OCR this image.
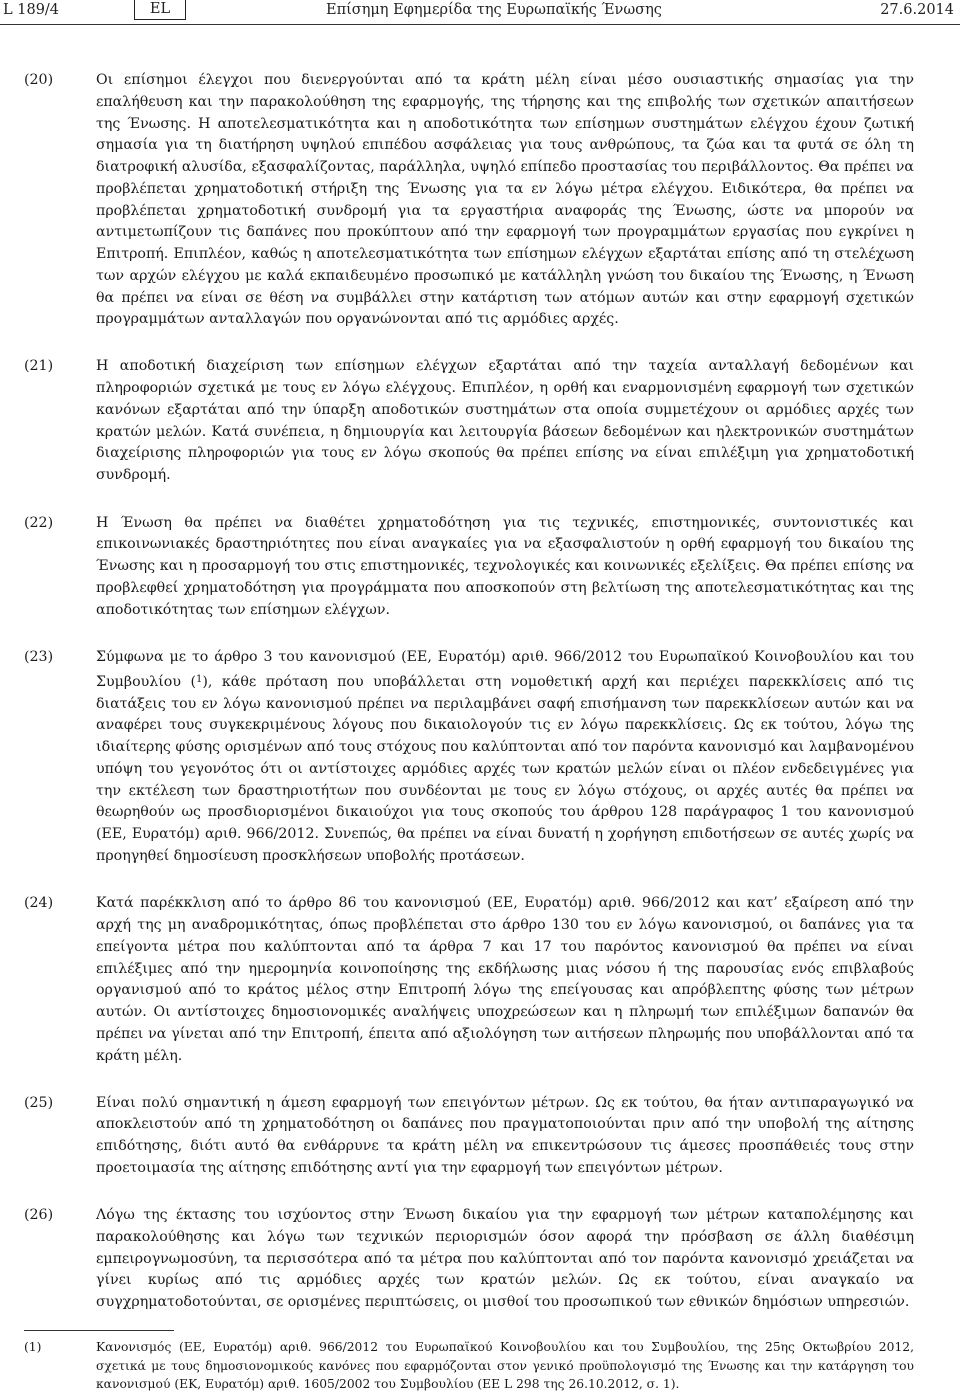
L 189/4	EL	Επίσημη Εφημερίδα της Ευρωπαϊκής Ένωσης	27.6.2014
(20)	Οι επίσημοι έλεγχοι που διενεργούνται από τα κράτη μέλη είναι μέσο ουσιαστικής σημασίας για την επαλήθευση και την παρακολούθηση της εφαρμογής, της τήρησης και της επιβολής των σχετικών απαιτήσεων της Ένωσης. Η αποτελεσματικότητα και η αποδοτικότητα των επίσημων συστημάτων ελέγχου έχουν ζωτική σημασία για τη διατήρηση υψηλού επιπέδου ασφάλειας για τους ανθρώπους, τα ζώα και τα φυτά σε όλη τη διατροφική αλυσίδα, εξασφαλίζοντας, παράλληλα, υψηλό επίπεδο προστασίας του περιβάλλοντος. Θα πρέπει να προβλέπεται χρηματοδοτική στήριξη της Ένωσης για τα εν λόγω μέτρα ελέγχου. Ειδικότερα, θα πρέπει να προβλέπεται χρηματοδοτική συνδρομή για τα εργαστήρια αναφοράς της Ένωσης, ώστε να μπορούν να αντιμετωπίζουν τις δαπάνες που προκύπτουν από την εφαρμογή των προγραμμάτων εργασίας που εγκρίνει η Επιτροπή. Επιπλέον, καθώς η αποτελεσματικότητα των επίσημων ελέγχων εξαρτάται επίσης από τη στελέχωση των αρχών ελέγχου με καλά εκπαιδευμένο προσωπικό με κατάλληλη γνώση του δικαίου της Ένωσης, η Ένωση θα πρέπει να είναι σε θέση να συμβάλλει στην κατάρτιση των ατόμων αυτών και στην εφαρμογή σχετικών προγραμμάτων ανταλλαγών που οργανώνονται από τις αρμόδιες αρχές.
(21)	Η αποδοτική διαχείριση των επίσημων ελέγχων εξαρτάται από την ταχεία ανταλλαγή δεδομένων και πληροφοριών σχετικά με τους εν λόγω ελέγχους. Επιπλέον, η ορθή και εναρμονισμένη εφαρμογή των σχετικών κανόνων εξαρτάται από την ύπαρξη αποδοτικών συστημάτων στα οποία συμμετέχουν οι αρμόδιες αρχές των κρατών μελών. Κατά συνέπεια, η δημιουργία και λειτουργία βάσεων δεδομένων και ηλεκτρονικών συστημάτων διαχείρισης πληροφοριών για τους εν λόγω σκοπούς θα πρέπει επίσης να είναι επιλέξιμη για χρηματοδοτική συνδρομή.
(22)	Η Ένωση θα πρέπει να διαθέτει χρηματοδότηση για τις τεχνικές, επιστημονικές, συντονιστικές και επικοινωνιακές δραστηριότητες που είναι αναγκαίες για να εξασφαλιστούν η ορθή εφαρμογή του δικαίου της Ένωσης και η προσαρμογή του στις επιστημονικές, τεχνολογικές και κοινωνικές εξελίξεις. Θα πρέπει επίσης να προβλεφθεί χρηματοδότηση για προγράμματα που αποσκοπούν στη βελτίωση της αποτελεσματικότητας και της αποδοτικότητας των επίσημων ελέγχων.
(23)	Σύμφωνα με το άρθρο 3 του κανονισμού (ΕΕ, Ευρατόμ) αριθ. 966/2012 του Ευρωπαϊκού Κοινοβουλίου και του Συμβουλίου ($^1$), κάθε πρόταση που υποβάλλεται στη νομοθετική αρχή και περιέχει παρεκκλίσεις από τις διατάξεις του εν λόγω κανονισμού πρέπει να περιλαμβάνει σαφή επισήμανση των παρεκκλίσεων αυτών και να αναφέρει τους συγκεκριμένους λόγους που δικαιολογούν τις εν λόγω παρεκκλίσεις. Ως εκ τούτου, λόγω της ιδιαίτερης φύσης ορισμένων από τους στόχους που καλύπτονται από τον παρόντα κανονισμό και λαμβανομένου υπόψη του γεγονότος ότι οι αντίστοιχες αρμόδιες αρχές των κρατών μελών είναι οι πλέον ενδεδειγμένες για την εκτέλεση των δραστηριοτήτων που συνδέονται με τους εν λόγω στόχους, οι αρχές αυτές θα πρέπει να θεωρηθούν ως προσδιορισμένοι δικαιούχοι για τους σκοπούς του άρθρου 128 παράγραφος 1 του κανονισμού (ΕΕ, Ευρατόμ) αριθ. 966/2012. Συνεπώς, θα πρέπει να είναι δυνατή η χορήγηση επιδοτήσεων σε αυτές χωρίς να προηγηθεί δημοσίευση προσκλήσεων υποβολής προτάσεων.
(24)	Κατά παρέκκλιση από το άρθρο 86 του κανονισμού (ΕΕ, Ευρατόμ) αριθ. 966/2012 και κατ’ εξαίρεση από την αρχή της μη αναδρομικότητας, όπως προβλέπεται στο άρθρο 130 του εν λόγω κανονισμού, οι δαπάνες για τα επείγοντα μέτρα που καλύπτονται από τα άρθρα 7 και 17 του παρόντος κανονισμού θα πρέπει να είναι επιλέξιμες από την ημερομηνία κοινοποίησης της εκδήλωσης μιας νόσου ή της παρουσίας ενός επιβλαβούς οργανισμού από το κράτος μέλος στην Επιτροπή λόγω της επείγουσας και απρόβλεπτης φύσης των μέτρων αυτών. Οι αντίστοιχες δημοσιονομικές αναλήψεις υποχρεώσεων και η πληρωμή των επιλέξιμων δαπανών θα πρέπει να γίνεται από την Επιτροπή, έπειτα από αξιολόγηση των αιτήσεων πληρωμής που υποβάλλονται από τα κράτη μέλη.
(25)	Είναι πολύ σημαντική η άμεση εφαρμογή των επειγόντων μέτρων. Ως εκ τούτου, θα ήταν αντιπαραγωγικό να αποκλειστούν από τη χρηματοδότηση οι δαπάνες που πραγματοποιούνται πριν από την υποβολή της αίτησης επιδότησης, διότι αυτό θα ενθάρρυνε τα κράτη μέλη να επικεντρώσουν τις άμεσες προσπάθειές τους στην προετοιμασία της αίτησης επιδότησης αντί για την εφαρμογή των επειγόντων μέτρων.
(26)	Λόγω της έκτασης του ισχύοντος στην Ένωση δικαίου για την εφαρμογή των μέτρων καταπολέμησης και παρακολούθησης και λόγω των τεχνικών περιορισμών όσον αφορά την πρόσβαση σε άλλη διαθέσιμη εμπειρογνωμοσύνη, τα περισσότερα από τα μέτρα που καλύπτονται από τον παρόντα κανονισμό χρειάζεται να γίνει κυρίως από τις αρμόδιες αρχές των κρατών μελών. Ως εκ τούτου, είναι αναγκαίο να συγχρηματοδοτούνται, σε ορισμένες περιπτώσεις, οι μισθοί του προσωπικού των εθνικών δημόσιων υπηρεσιών.
(1)	Κανονισμός (ΕΕ, Ευρατόμ) αριθ. 966/2012 του Ευρωπαϊκού Κοινοβουλίου και του Συμβουλίου, της 25ης Οκτωβρίου 2012, σχετικά με τους δημοσιονομικούς κανόνες που εφαρμόζονται στον γενικό προϋπολογισμό της Ένωσης και την κατάργηση του κανονισμού (ΕΚ, Ευρατόμ) αριθ. 1605/2002 του Συμβουλίου (ΕΕ L 298 της 26.10.2012, σ. 1).
